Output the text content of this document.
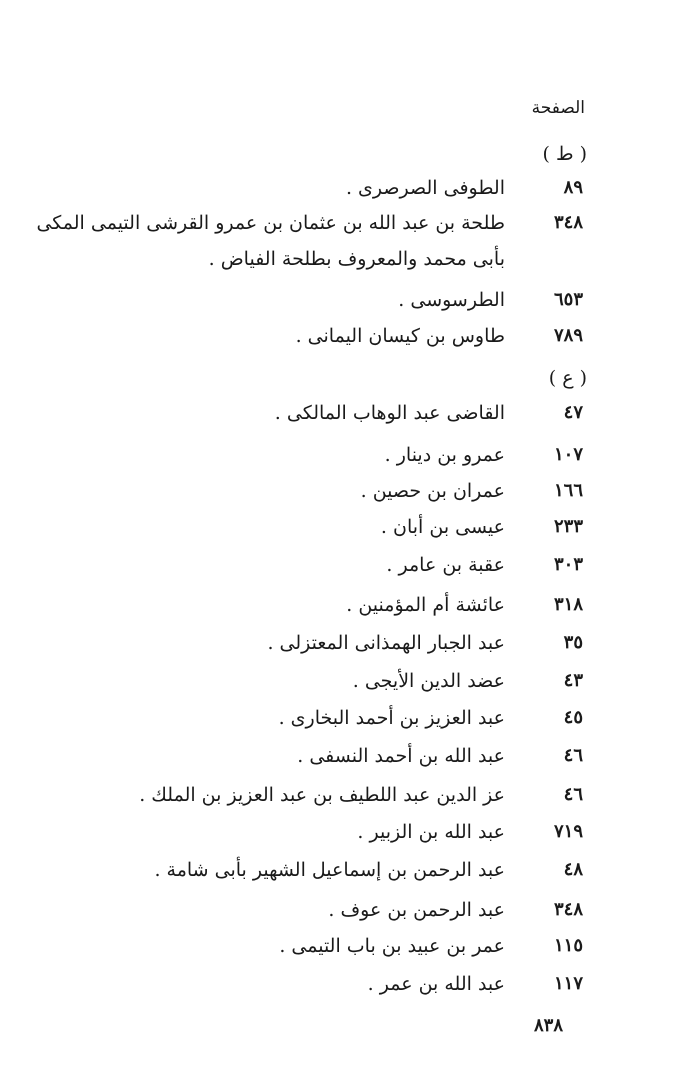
الصفحة
( ط )
٨٩
الطوفى الصرصرى .
٣٤٨
طلحة بن عبد الله بن عثمان بن عمرو القرشى التيمى المكى بأبى محمد والمعروف بطلحة الفياض .
٦٥٣
الطرسوسى .
٧٨٩
طاوس بن كيسان اليمانى .
( ع )
٤٧
القاضى عبد الوهاب المالكى .
١٠٧
عمرو بن دينار .
١٦٦
عمران بن حصين .
٢٣٣
عيسى بن أبان .
٣٠٣
عقبة بن عامر .
٣١٨
عائشة أم المؤمنين .
٣٥
عبد الجبار الهمذانى المعتزلى .
٤٣
عضد الدين الأيجى .
٤٥
عبد العزيز بن أحمد البخارى .
٤٦
عبد الله بن أحمد النسفى .
٤٦
عز الدين عبد اللطيف بن عبد العزيز بن الملك .
٧١٩
عبد الله بن الزبير .
٤٨
عبد الرحمن بن إسماعيل الشهير بأبى شامة .
٣٤٨
عبد الرحمن بن عوف .
١١٥
عمر بن عبيد بن باب التيمى .
١١٧
عبد الله بن عمر .
٨٣٨
